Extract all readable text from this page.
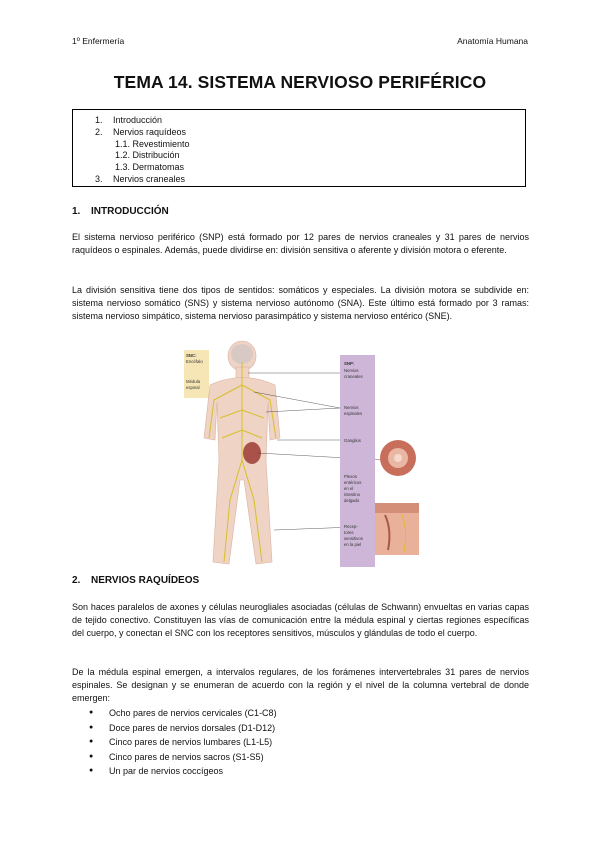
1º Enfermería	Anatomía Humana
TEMA 14. SISTEMA NERVIOSO PERIFÉRICO
1. Introducción
2. Nervios raquídeos
1.1. Revestimiento
1.2. Distribución
1.3. Dermatomas
3. Nervios craneales
1. INTRODUCCIÓN

El sistema nervioso periférico (SNP) está formado por 12 pares de nervios craneales y 31 pares de nervios raquídeos o espinales. Además, puede dividirse en: división sensitiva o aferente y división motora o eferente.

La división sensitiva tiene dos tipos de sentidos: somáticos y especiales. La división motora se subdivide en: sistema nervioso somático (SNS) y sistema nervioso autónomo (SNA). Este último está formado por 3 ramas: sistema nervioso simpático, sistema nervioso parasimpático y sistema nervioso entérico (SNE).

SNC:
Encéfalo
Médula
espinal
SNP:
Nervios
craneales
Nervios
espinales
Ganglios
Plexos
entéricos
en el
intestino
delgado
Recep-
tores
sensitivos
en la piel
2. NERVIOS RAQUÍDEOS

Son haces paralelos de axones y células neurogliales asociadas (células de Schwann) envueltas en varias capas de tejido conectivo. Constituyen las vías de comunicación entre la médula espinal y ciertas regiones específicas del cuerpo, y conectan el SNC con los receptores sensitivos, músculos y glándulas de todo el cuerpo.

De la médula espinal emergen, a intervalos regulares, de los forámenes intervertebrales 31 pares de nervios espinales. Se designan y se enumeran de acuerdo con la región y el nivel de la columna vertebral de donde emergen:

● Ocho pares de nervios cervicales (C1-C8)
● Doce pares de nervios dorsales (D1-D12)
● Cinco pares de nervios lumbares (L1-L5)
● Cinco pares de nervios sacros (S1-S5)
● Un par de nervios coccígeos
